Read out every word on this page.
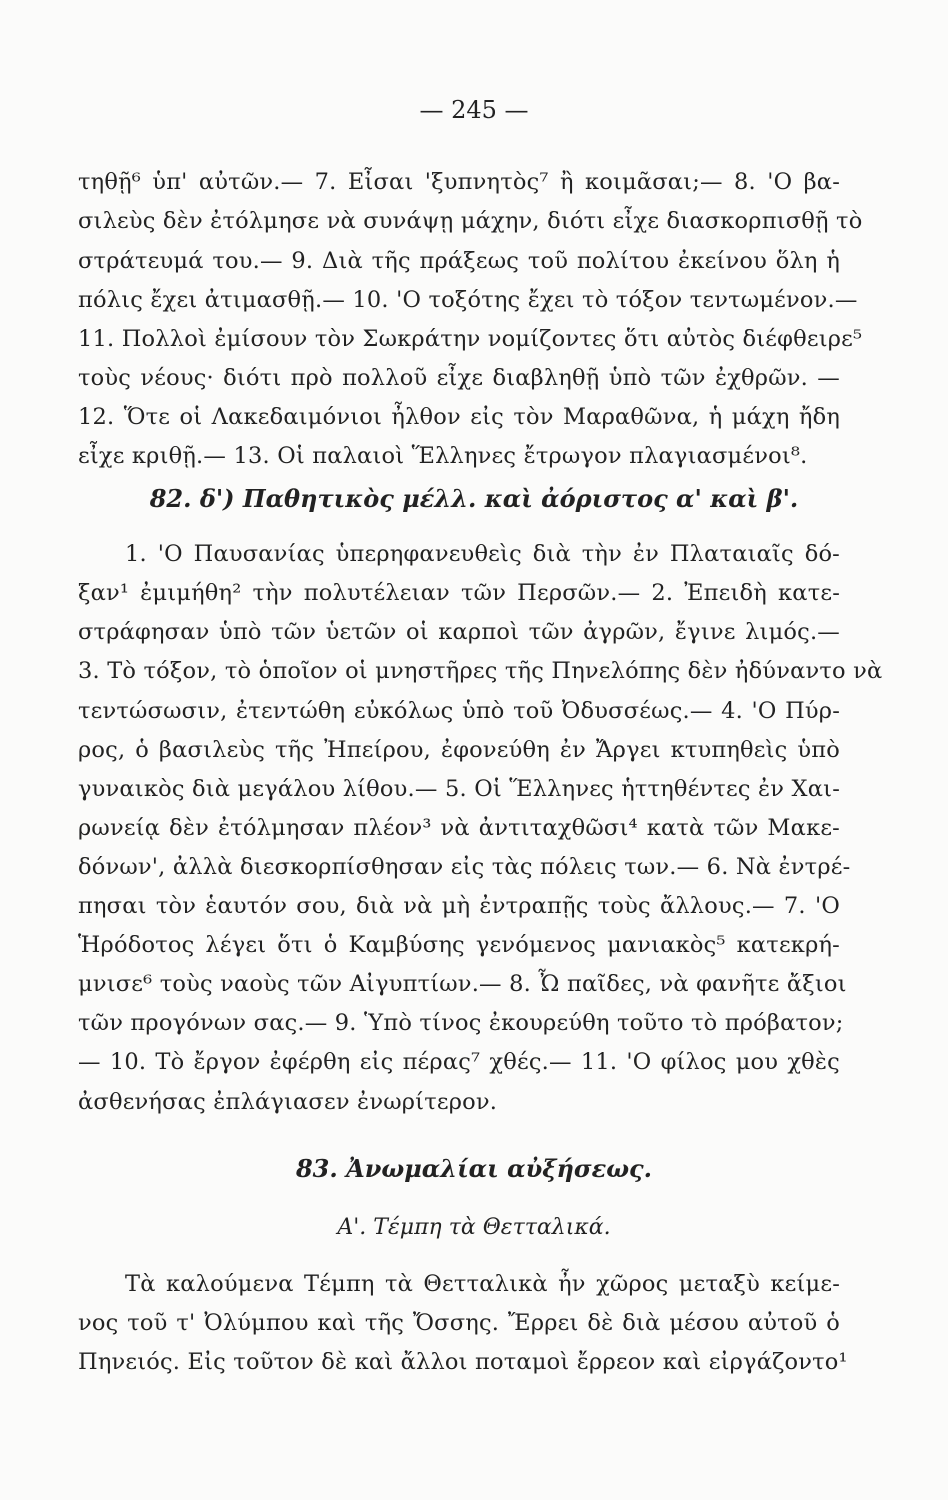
— 245 —
τηθῇ⁶ ὑπ' αὐτῶν.— 7. Εἶσαι 'ξυπνητὸς⁷ ἢ κοιμᾶσαι;— 8. 'Ο βα-
σιλεὺς δὲν ἐτόλμησε νὰ συνάψῃ μάχην, διότι εἶχε διασκορπισθῇ τὸ
στράτευμά του.— 9. Διὰ τῆς πράξεως τοῦ πολίτου ἐκείνου ὅλη ἡ
πόλις ἔχει ἀτιμασθῇ.— 10. 'Ο τοξότης ἔχει τὸ τόξον τεντωμένον.—
11. Πολλοὶ ἐμίσουν τὸν Σωκράτην νομίζοντες ὅτι αὐτὸς διέφθειρε⁵
τοὺς νέους· διότι πρὸ πολλοῦ εἶχε διαβληθῇ ὑπὸ τῶν ἐχθρῶν. —
12. Ὅτε οἱ Λακεδαιμόνιοι ἦλθον εἰς τὸν Μαραθῶνα, ἡ μάχη ἤδη
εἶχε κριθῇ.— 13. Οἱ παλαιοὶ Ἕλληνες ἔτρωγον πλαγιασμένοι⁸.
82. δ') Παθητικὸς μέλλ. καὶ ἀόριστος α' καὶ β'.
1. 'Ο Παυσανίας ὑπερηφανευθεὶς διὰ τὴν ἐν Πλαταιαῖς δό-
ξαν¹ ἐμιμήθη² τὴν πολυτέλειαν τῶν Περσῶν.— 2. Ἐπειδὴ κατε-
στράφησαν ὑπὸ τῶν ὑετῶν οἱ καρποὶ τῶν ἀγρῶν, ἔγινε λιμός.—
3. Τὸ τόξον, τὸ ὁποῖον οἱ μνηστῆρες τῆς Πηνελόπης δὲν ἠδύναντο νὰ
τεντώσωσιν, ἐτεντώθη εὐκόλως ὑπὸ τοῦ Ὀδυσσέως.— 4. 'Ο Πύρ-
ρος, ὁ βασιλεὺς τῆς Ἠπείρου, ἐφονεύθη ἐν Ἄργει κτυπηθεὶς ὑπὸ
γυναικὸς διὰ μεγάλου λίθου.— 5. Οἱ Ἕλληνες ἡττηθέντες ἐν Χαι-
ρωνείᾳ δὲν ἐτόλμησαν πλέον³ νὰ ἀντιταχθῶσι⁴ κατὰ τῶν Μακε-
δόνων', ἀλλὰ διεσκορπίσθησαν εἰς τὰς πόλεις των.— 6. Νὰ ἐντρέ-
πησαι τὸν ἑαυτόν σου, διὰ νὰ μὴ ἐντραπῇς τοὺς ἄλλους.— 7. 'Ο
Ἡρόδοτος λέγει ὅτι ὁ Καμβύσης γενόμενος μανιακὸς⁵ κατεκρή-
μνισε⁶ τοὺς ναοὺς τῶν Αἰγυπτίων.— 8. Ὦ παῖδες, νὰ φανῆτε ἄξιοι
τῶν προγόνων σας.— 9. Ὑπὸ τίνος ἐκουρεύθη τοῦτο τὸ πρόβατον;
— 10. Τὸ ἔργον ἐφέρθη εἰς πέρας⁷ χθές.— 11. 'Ο φίλος μου χθὲς
ἀσθενήσας ἐπλάγιασεν ἐνωρίτερον.
83. Ἀνωμαλίαι αὐξήσεως.
Α'. Τέμπη τὰ Θετταλικά.
Τὰ καλούμενα Τέμπη τὰ Θετταλικὰ ἦν χῶρος μεταξὺ κείμε-
νος τοῦ τ' Ὀλύμπου καὶ τῆς Ὄσσης. Ἔρρει δὲ διὰ μέσου αὐτοῦ ὁ
Πηνειός. Εἰς τοῦτον δὲ καὶ ἄλλοι ποταμοὶ ἔρρεον καὶ εἰργάζοντο¹
